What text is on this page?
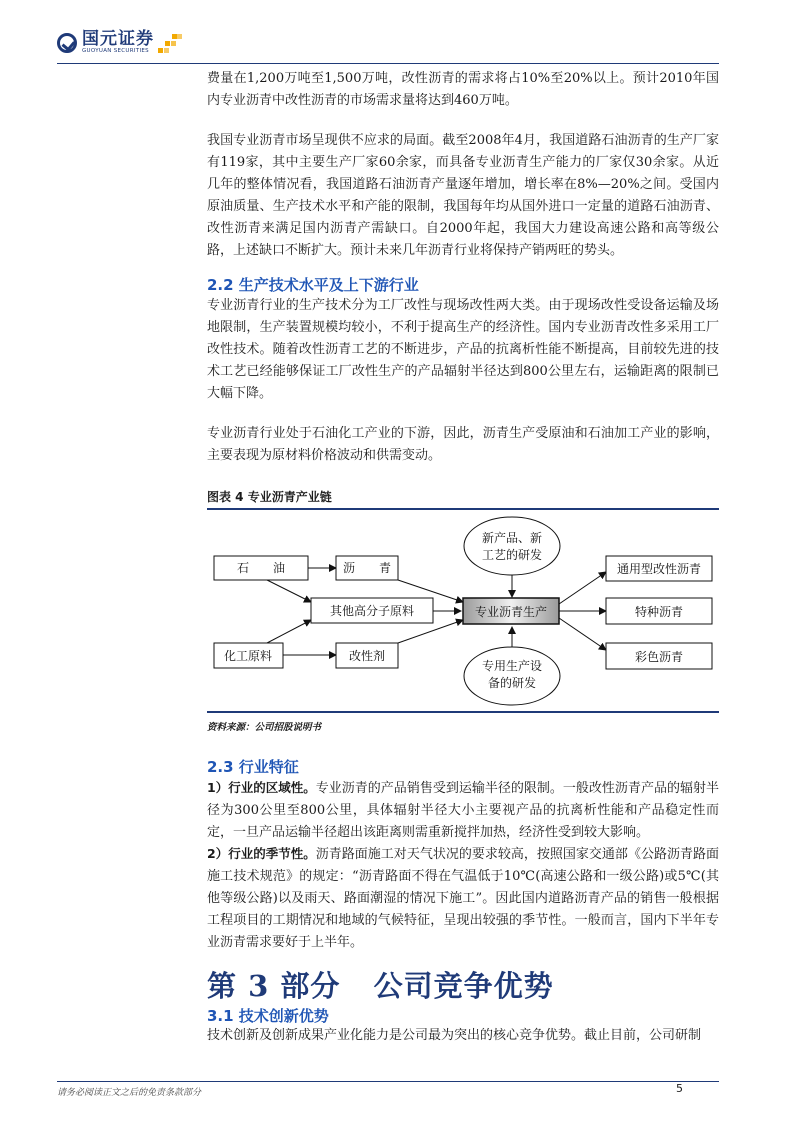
国元证券
GUOYUAN SECURITIES

费量在1,200万吨至1,500万吨，改性沥青的需求将占10%至20%以上。预计2010年国内专业沥青中改性沥青的市场需求量将达到460万吨。

我国专业沥青市场呈现供不应求的局面。截至2008年4月，我国道路石油沥青的生产厂家有119家，其中主要生产厂家60余家，而具备专业沥青生产能力的厂家仅30余家。从近几年的整体情况看，我国道路石油沥青产量逐年增加，增长率在8%—20%之间。受国内原油质量、生产技术水平和产能的限制，我国每年均从国外进口一定量的道路石油沥青、改性沥青来满足国内沥青产需缺口。自2000年起，我国大力建设高速公路和高等级公路，上述缺口不断扩大。预计未来几年沥青行业将保持产销两旺的势头。

2.2 生产技术水平及上下游行业

专业沥青行业的生产技术分为工厂改性与现场改性两大类。由于现场改性受设备运输及场地限制，生产装置规模均较小，不利于提高生产的经济性。国内专业沥青改性多采用工厂改性技术。随着改性沥青工艺的不断进步，产品的抗离析性能不断提高，目前较先进的技术工艺已经能够保证工厂改性生产的产品辐射半径达到800公里左右，运输距离的限制已大幅下降。

专业沥青行业处于石油化工产业的下游，因此，沥青生产受原油和石油加工产业的影响，主要表现为原材料价格波动和供需变动。

图表 4 专业沥青产业链
石　　油	沥　　青
其他高分子原料
化工原料	改性剂
专业沥青生产
新产品、新
工艺的研发
专用生产设
备的研发
通用型改性沥青
特种沥青
彩色沥青
资料来源：公司招股说明书
2.3 行业特征

1）行业的区域性。专业沥青的产品销售受到运输半径的限制。一般改性沥青产品的辐射半径为300公里至800公里，具体辐射半径大小主要视产品的抗离析性能和产品稳定性而定，一旦产品运输半径超出该距离则需重新搅拌加热，经济性受到较大影响。

2）行业的季节性。沥青路面施工对天气状况的要求较高，按照国家交通部《公路沥青路面施工技术规范》的规定：“沥青路面不得在气温低于10℃(高速公路和一级公路)或5℃(其他等级公路)以及雨天、路面潮湿的情况下施工”。因此国内道路沥青产品的销售一般根据工程项目的工期情况和地域的气候特征，呈现出较强的季节性。一般而言，国内下半年专业沥青需求要好于上半年。

第 3 部分   公司竞争优势
3.1 技术创新优势

技术创新及创新成果产业化能力是公司最为突出的核心竞争优势。截止目前，公司研制

请务必阅读正文之后的免责条款部分	5
